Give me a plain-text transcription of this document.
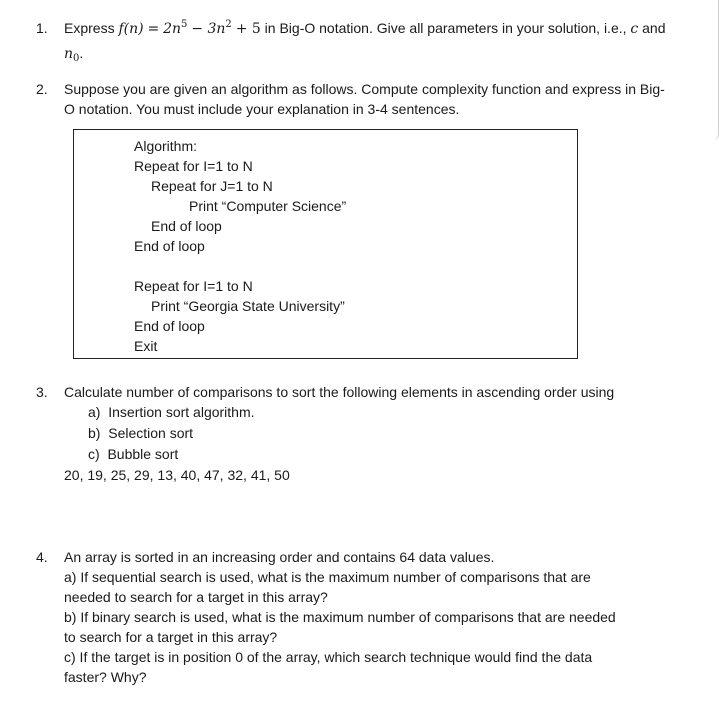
1.	Express $f(n) = 2n^5 - 3n^2 + 5$ in Big-O notation. Give all parameters in your solution, i.e., c and
$n_0$.
2.	Suppose you are given an algorithm as follows. Compute complexity function and express in Big-
O notation. You must include your explanation in 3-4 sentences.
Algorithm:
Repeat for I=1 to N
Repeat for J=1 to N
Print “Computer Science”
End of loop
End of loop
Repeat for I=1 to N
Print “Georgia State University”
End of loop
Exit
3.	Calculate number of comparisons to sort the following elements in ascending order using
a) Insertion sort algorithm.
b) Selection sort
c) Bubble sort
20, 19, 25, 29, 13, 40, 47, 32, 41, 50
4.	An array is sorted in an increasing order and contains 64 data values.
a) If sequential search is used, what is the maximum number of comparisons that are
needed to search for a target in this array?
b) If binary search is used, what is the maximum number of comparisons that are needed
to search for a target in this array?
c) If the target is in position 0 of the array, which search technique would find the data
faster? Why?
